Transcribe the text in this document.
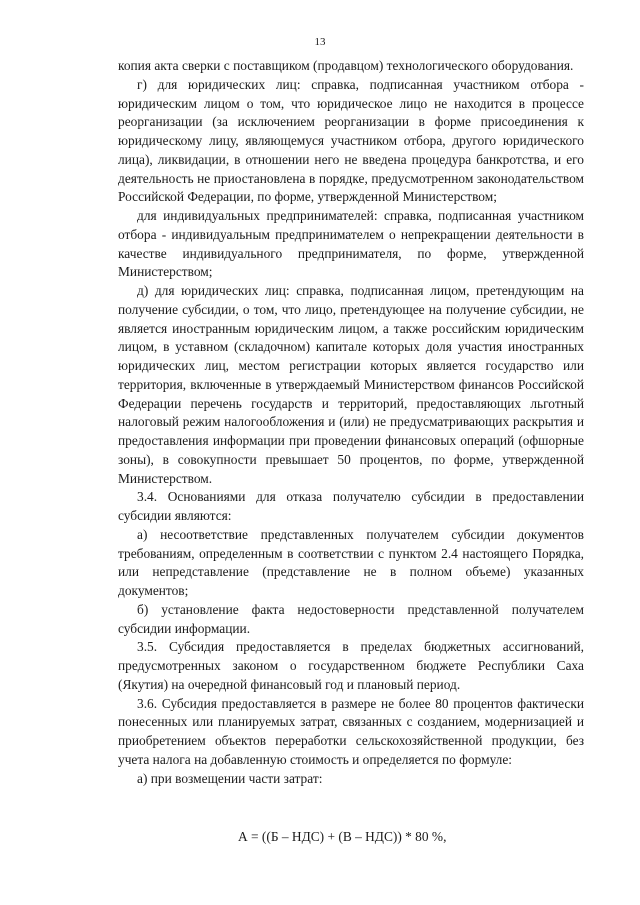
13

копия акта сверки с поставщиком (продавцом) технологического оборудования.

г) для юридических лиц: справка, подписанная участником отбора - юридическим лицом о том, что юридическое лицо не находится в процессе реорганизации (за исключением реорганизации в форме присоединения к юридическому лицу, являющемуся участником отбора, другого юридического лица), ликвидации, в отношении него не введена процедура банкротства, и его деятельность не приостановлена в порядке, предусмотренном законодательством Российской Федерации, по форме, утвержденной Министерством;

для индивидуальных предпринимателей: справка, подписанная участником отбора - индивидуальным предпринимателем о непрекращении деятельности в качестве индивидуального предпринимателя, по форме, утвержденной Министерством;

д) для юридических лиц: справка, подписанная лицом, претендующим на получение субсидии, о том, что лицо, претендующее на получение субсидии, не является иностранным юридическим лицом, а также российским юридическим лицом, в уставном (складочном) капитале которых доля участия иностранных юридических лиц, местом регистрации которых является государство или территория, включенные в утверждаемый Министерством финансов Российской Федерации перечень государств и территорий, предоставляющих льготный налоговый режим налогообложения и (или) не предусматривающих раскрытия и предоставления информации при проведении финансовых операций (офшорные зоны), в совокупности превышает 50 процентов, по форме, утвержденной Министерством.

3.4. Основаниями для отказа получателю субсидии в предоставлении субсидии являются:

а) несоответствие представленных получателем субсидии документов требованиям, определенным в соответствии с пунктом 2.4 настоящего Порядка, или непредставление (представление не в полном объеме) указанных документов;

б) установление факта недостоверности представленной получателем субсидии информации.

3.5. Субсидия предоставляется в пределах бюджетных ассигнований, предусмотренных законом о государственном бюджете Республики Саха (Якутия) на очередной финансовый год и плановый период.

3.6. Субсидия предоставляется в размере не более 80 процентов фактически понесенных или планируемых затрат, связанных с созданием, модернизацией и приобретением объектов переработки сельскохозяйственной продукции, без учета налога на добавленную стоимость и определяется по формуле:

а) при возмещении части затрат:

А = ((Б – НДС) + (В – НДС)) * 80 %,
